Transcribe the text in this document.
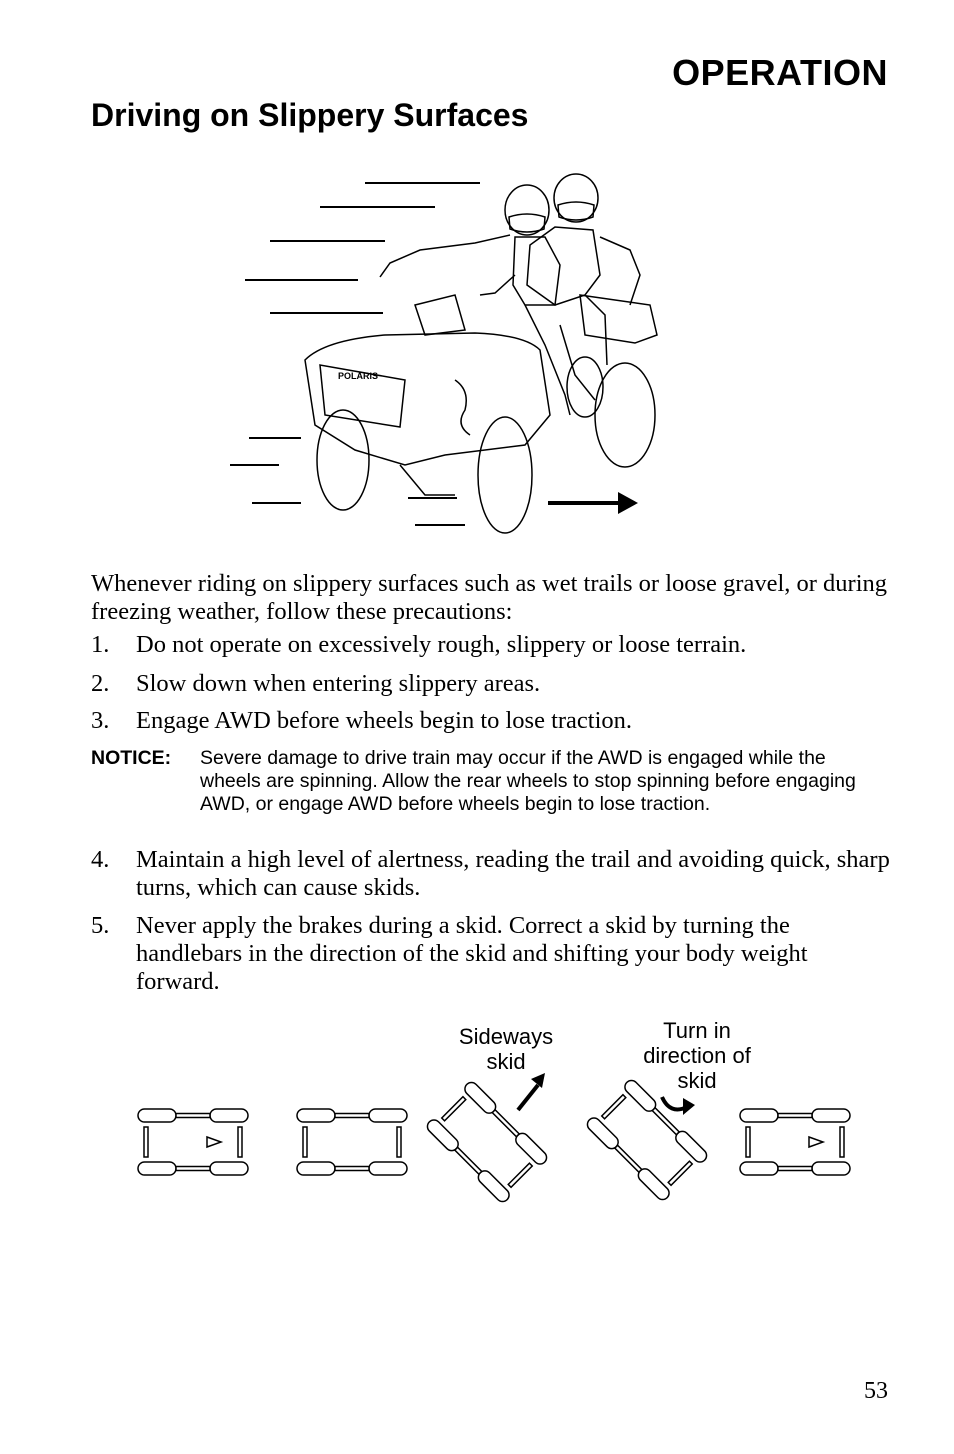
OPERATION
Driving on Slippery Surfaces
POLARIS
Whenever riding on slippery surfaces such as wet trails or loose gravel, or during freezing weather, follow these precautions:
1.	Do not operate on excessively rough, slippery or loose terrain.
2.	Slow down when entering slippery areas.
3.	Engage AWD before wheels begin to lose traction.
NOTICE:	Severe damage to drive train may occur if the AWD is engaged while the wheels are spinning. Allow the rear wheels to stop spinning before engaging AWD, or engage AWD before wheels begin to lose traction.
4.	Maintain a high level of alertness, reading the trail and avoiding quick, sharp turns, which can cause skids.
5.	Never apply the brakes during a skid. Correct a skid by turning the handlebars in the direction of the skid and shifting your body weight forward.
Sideways
skid
Turn in
direction of
skid
53
